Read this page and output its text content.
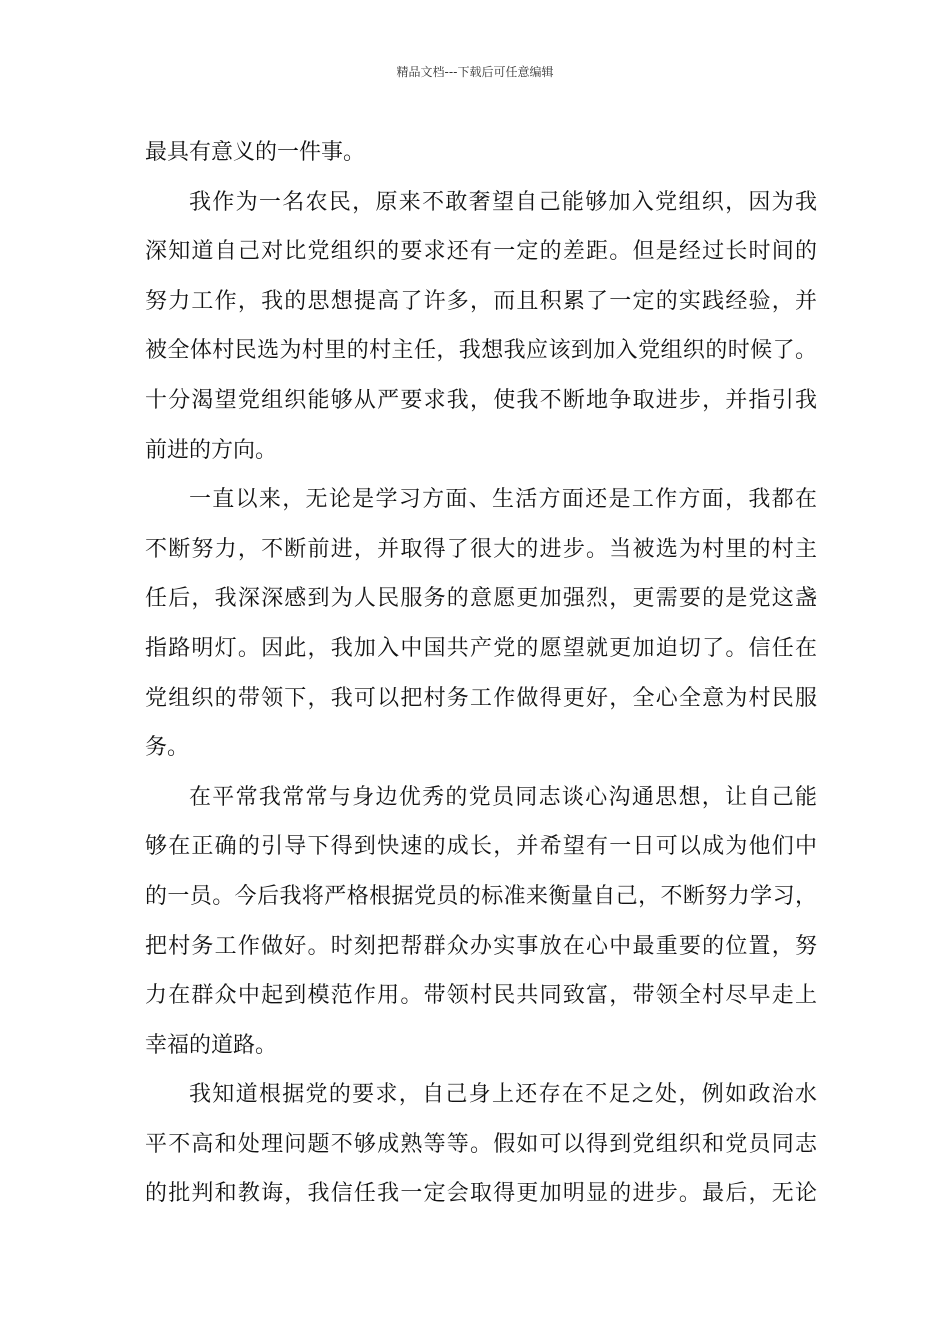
精品文档---下载后可任意编辑
最具有意义的一件事。
我作为一名农民，原来不敢奢望自己能够加入党组织，因为我
深知道自己对比党组织的要求还有一定的差距。但是经过长时间的
努力工作，我的思想提高了许多，而且积累了一定的实践经验，并
被全体村民选为村里的村主任，我想我应该到加入党组织的时候了。
十分渴望党组织能够从严要求我，使我不断地争取进步，并指引我
前进的方向。
一直以来，无论是学习方面、生活方面还是工作方面，我都在
不断努力，不断前进，并取得了很大的进步。当被选为村里的村主
任后，我深深感到为人民服务的意愿更加强烈，更需要的是党这盏
指路明灯。因此，我加入中国共产党的愿望就更加迫切了。信任在
党组织的带领下，我可以把村务工作做得更好，全心全意为村民服
务。
在平常我常常与身边优秀的党员同志谈心沟通思想，让自己能
够在正确的引导下得到快速的成长，并希望有一日可以成为他们中
的一员。今后我将严格根据党员的标准来衡量自己，不断努力学习，
把村务工作做好。时刻把帮群众办实事放在心中最重要的位置，努
力在群众中起到模范作用。带领村民共同致富，带领全村尽早走上
幸福的道路。
我知道根据党的要求，自己身上还存在不足之处，例如政治水
平不高和处理问题不够成熟等等。假如可以得到党组织和党员同志
的批判和教诲，我信任我一定会取得更加明显的进步。最后，无论
